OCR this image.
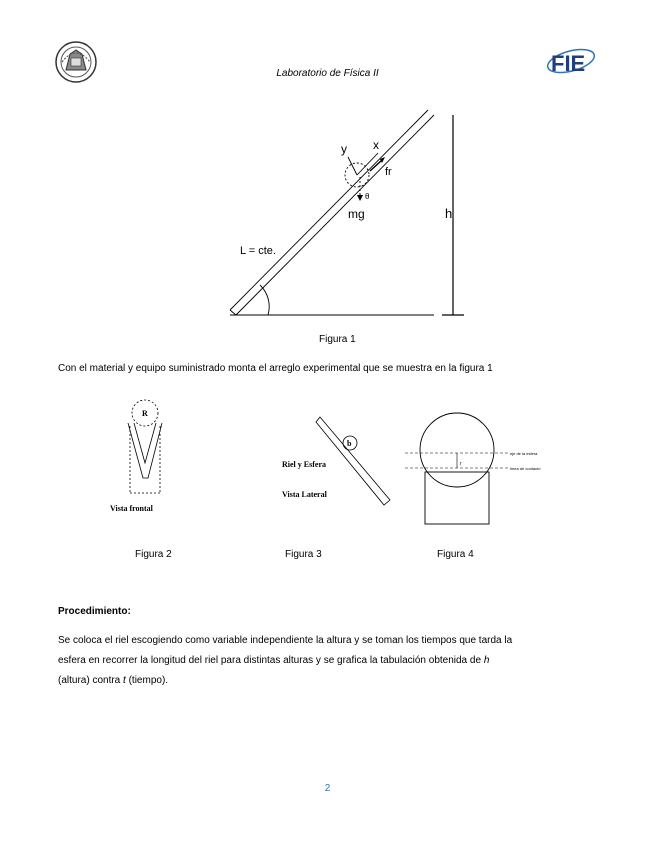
Laboratorio de Física II	FIE
y x
fr
θ
mg	h
L = cte.
Figura 1
Con el material y equipo suministrado monta el arreglo experimental que se muestra en la figura 1
R
Vista frontal
Figura 2
b
Riel y Esfera
Vista Lateral
Figura 3
eje de la esfera
línea de contacto
r
Figura 4
Procedimiento:
Se coloca el riel escogiendo como variable independiente la altura y se toman los tiempos que tarda la
esfera en recorrer la longitud del riel para distintas alturas y se grafica la tabulación obtenida de h
(altura) contra t (tiempo).
2
